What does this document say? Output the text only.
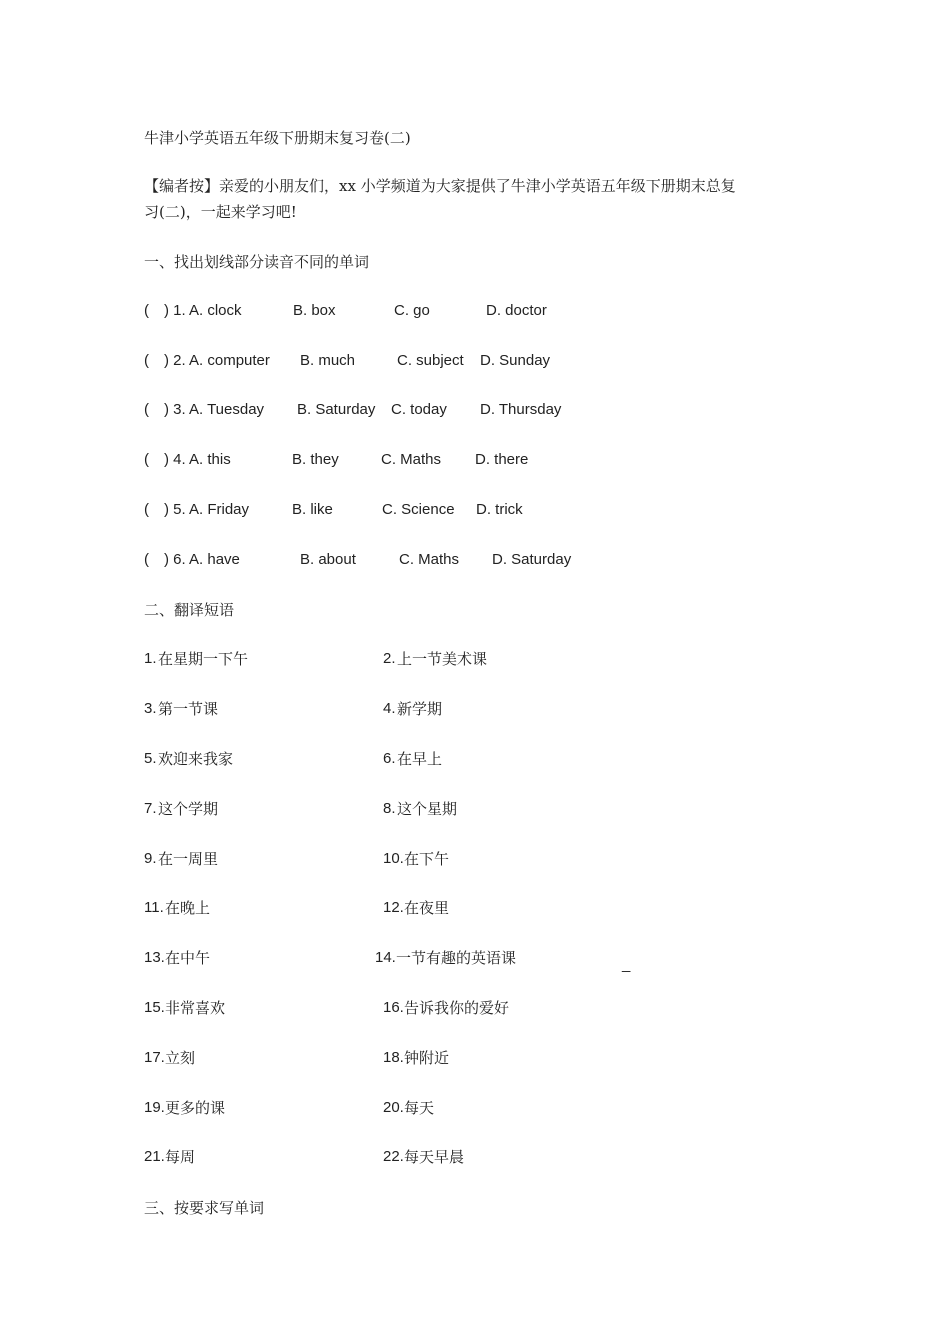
牛津小学英语五年级下册期末复习卷(二)
【编者按】亲爱的小朋友们，xx 小学频道为大家提供了牛津小学英语五年级下册期末总复
习(二)，一起来学习吧!
一、找出划线部分读音不同的单词
( ) 1. A. clock	B. box	C. go	D. doctor
( ) 2. A. computer B. much	C. subject D. Sunday
( ) 3. A. Tuesday B. Saturday C. today D. Thursday
( ) 4. A. this	B. they	C. Maths D. there
( ) 5. A. Friday	B. like	C. Science D. trick
( ) 6. A. have	B. about	C. Maths D. Saturday
二、翻译短语
1. 在星期一下午	2. 上一节美术课
3. 第一节课	4. 新学期
5. 欢迎来我家	6. 在早上
7. 这个学期	8. 这个星期
9. 在一周里	10. 在下午
11. 在晚上	12. 在夜里
13. 在中午	14. 一节有趣的英语课
15. 非常喜欢	16. 告诉我你的爱好
17. 立刻	18. 钟附近
19. 更多的课	20. 每天
21. 每周	22. 每天早晨
_
三、按要求写单词
